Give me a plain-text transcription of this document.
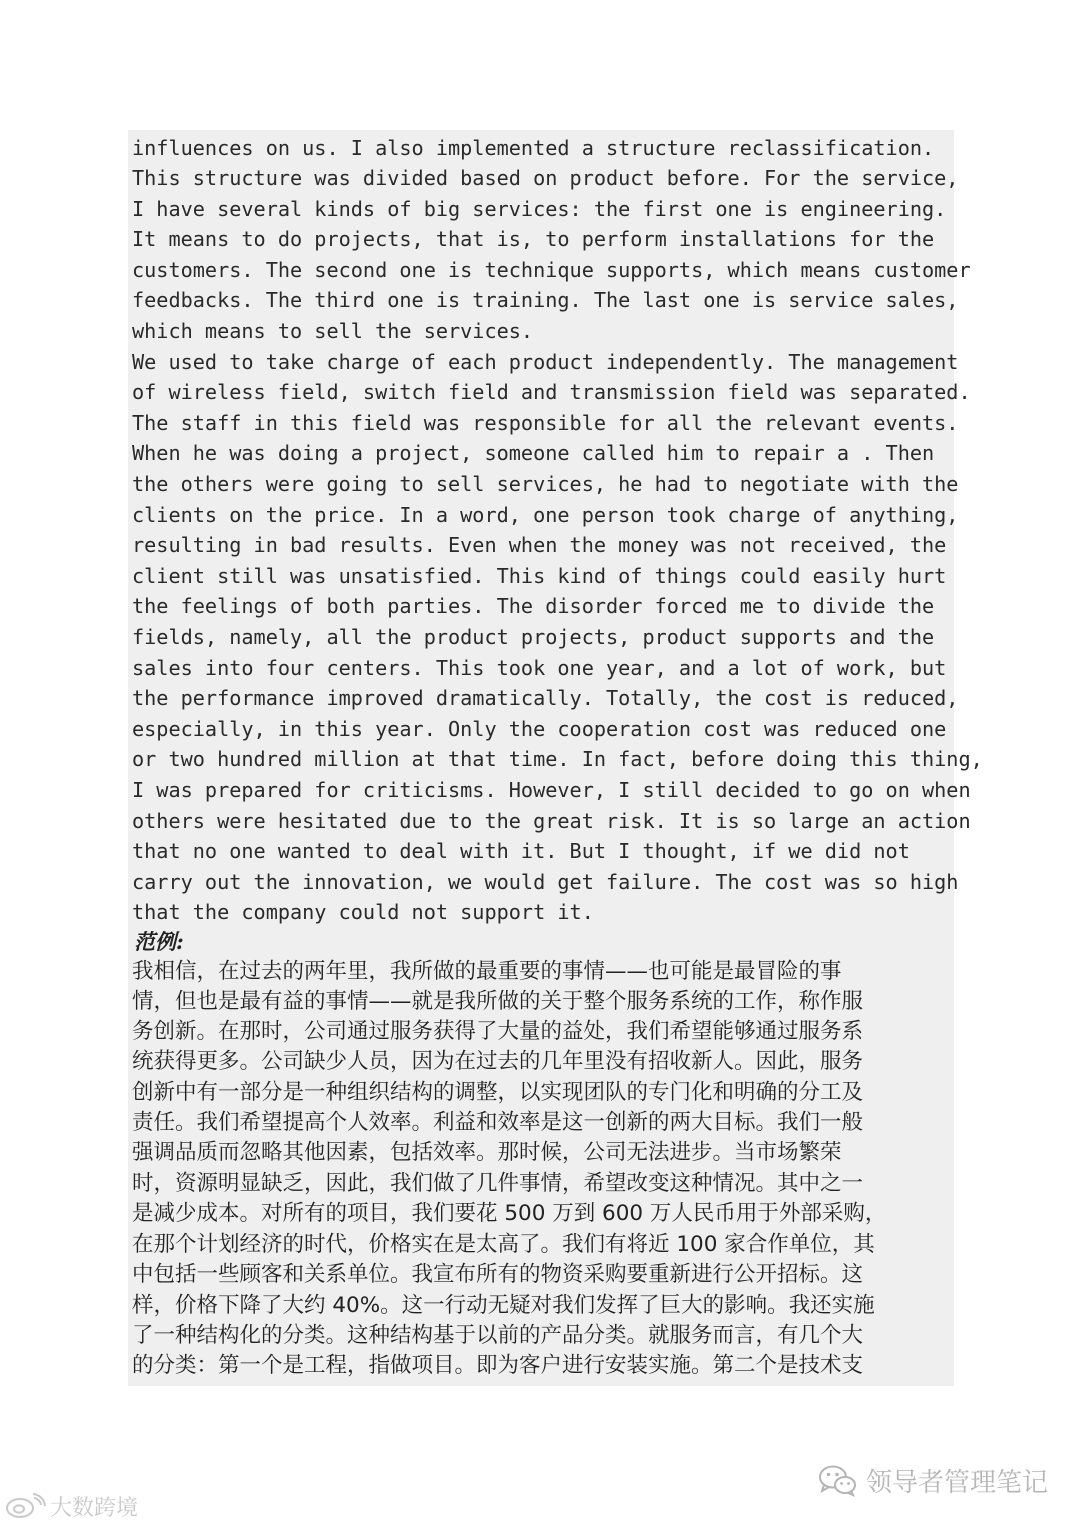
influences on us. I also implemented a structure reclassification.
This structure was divided based on product before. For the service,
I have several kinds of big services: the first one is engineering.
It means to do projects, that is, to perform installations for the
customers. The second one is technique supports, which means customer
feedbacks. The third one is training. The last one is service sales,
which means to sell the services.
We used to take charge of each product independently. The management
of wireless field, switch field and transmission field was separated.
The staff in this field was responsible for all the relevant events.
When he was doing a project, someone called him to repair a . Then
the others were going to sell services, he had to negotiate with the
clients on the price. In a word, one person took charge of anything,
resulting in bad results. Even when the money was not received, the
client still was unsatisfied. This kind of things could easily hurt
the feelings of both parties. The disorder forced me to divide the
fields, namely, all the product projects, product supports and the
sales into four centers. This took one year, and a lot of work, but
the performance improved dramatically. Totally, the cost is reduced,
especially, in this year. Only the cooperation cost was reduced one
or two hundred million at that time. In fact, before doing this thing,
I was prepared for criticisms. However, I still decided to go on when
others were hesitated due to the great risk. It is so large an action
that no one wanted to deal with it. But I thought, if we did not
carry out the innovation, we would get failure. The cost was so high
that the company could not support it.
范例:
我相信，在过去的两年里，我所做的最重要的事情——也可能是最冒险的事
情，但也是最有益的事情——就是我所做的关于整个服务系统的工作，称作服
务创新。在那时，公司通过服务获得了大量的益处，我们希望能够通过服务系
统获得更多。公司缺少人员，因为在过去的几年里没有招收新人。因此，服务
创新中有一部分是一种组织结构的调整，以实现团队的专门化和明确的分工及
责任。我们希望提高个人效率。利益和效率是这一创新的两大目标。我们一般
强调品质而忽略其他因素，包括效率。那时候，公司无法进步。当市场繁荣
时，资源明显缺乏，因此，我们做了几件事情，希望改变这种情况。其中之一
是减少成本。对所有的项目，我们要花 500 万到 600 万人民币用于外部采购，
在那个计划经济的时代，价格实在是太高了。我们有将近 100 家合作单位，其
中包括一些顾客和关系单位。我宣布所有的物资采购要重新进行公开招标。这
样，价格下降了大约 40%。这一行动无疑对我们发挥了巨大的影响。我还实施
了一种结构化的分类。这种结构基于以前的产品分类。就服务而言，有几个大
的分类：第一个是工程，指做项目。即为客户进行安装实施。第二个是技术支
领导者管理笔记
大数跨境
